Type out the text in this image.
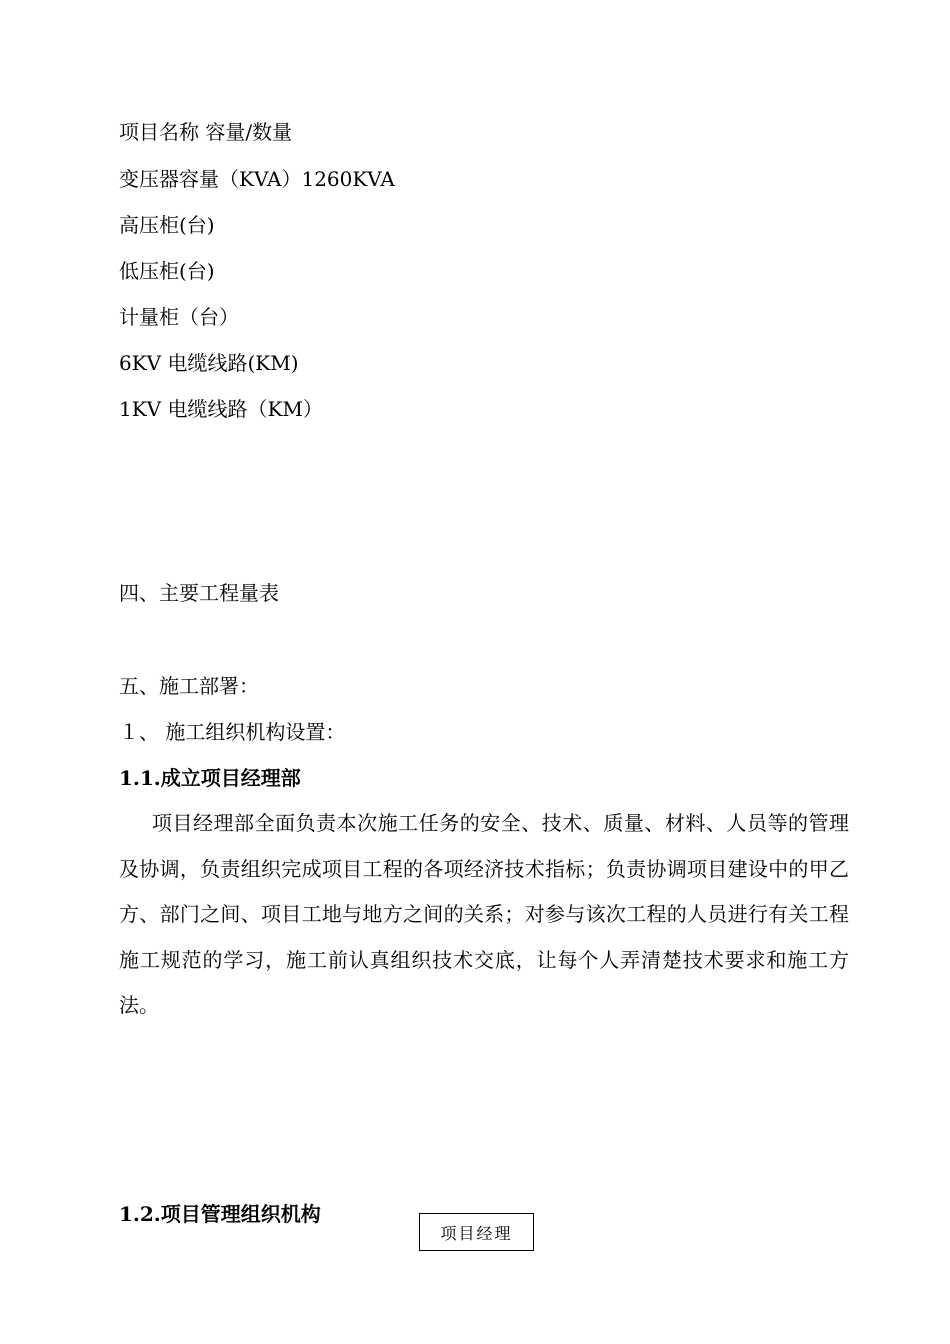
项目名称 容量/数量
变压器容量（KVA）1260KVA
高压柜(台)
低压柜(台)
计量柜（台）
6KV 电缆线路(KM)
1KV 电缆线路（KM）
四、主要工程量表
五、施工部署：
１、 施工组织机构设置：
1.1.成立项目经理部
项目经理部全面负责本次施工任务的安全、技术、质量、材料、人员等的管理及协调，负责组织完成项目工程的各项经济技术指标；负责协调项目建设中的甲乙方、部门之间、项目工地与地方之间的关系；对参与该次工程的人员进行有关工程施工规范的学习，施工前认真组织技术交底，让每个人弄清楚技术要求和施工方法。
1.2.项目管理组织机构
项目经理
